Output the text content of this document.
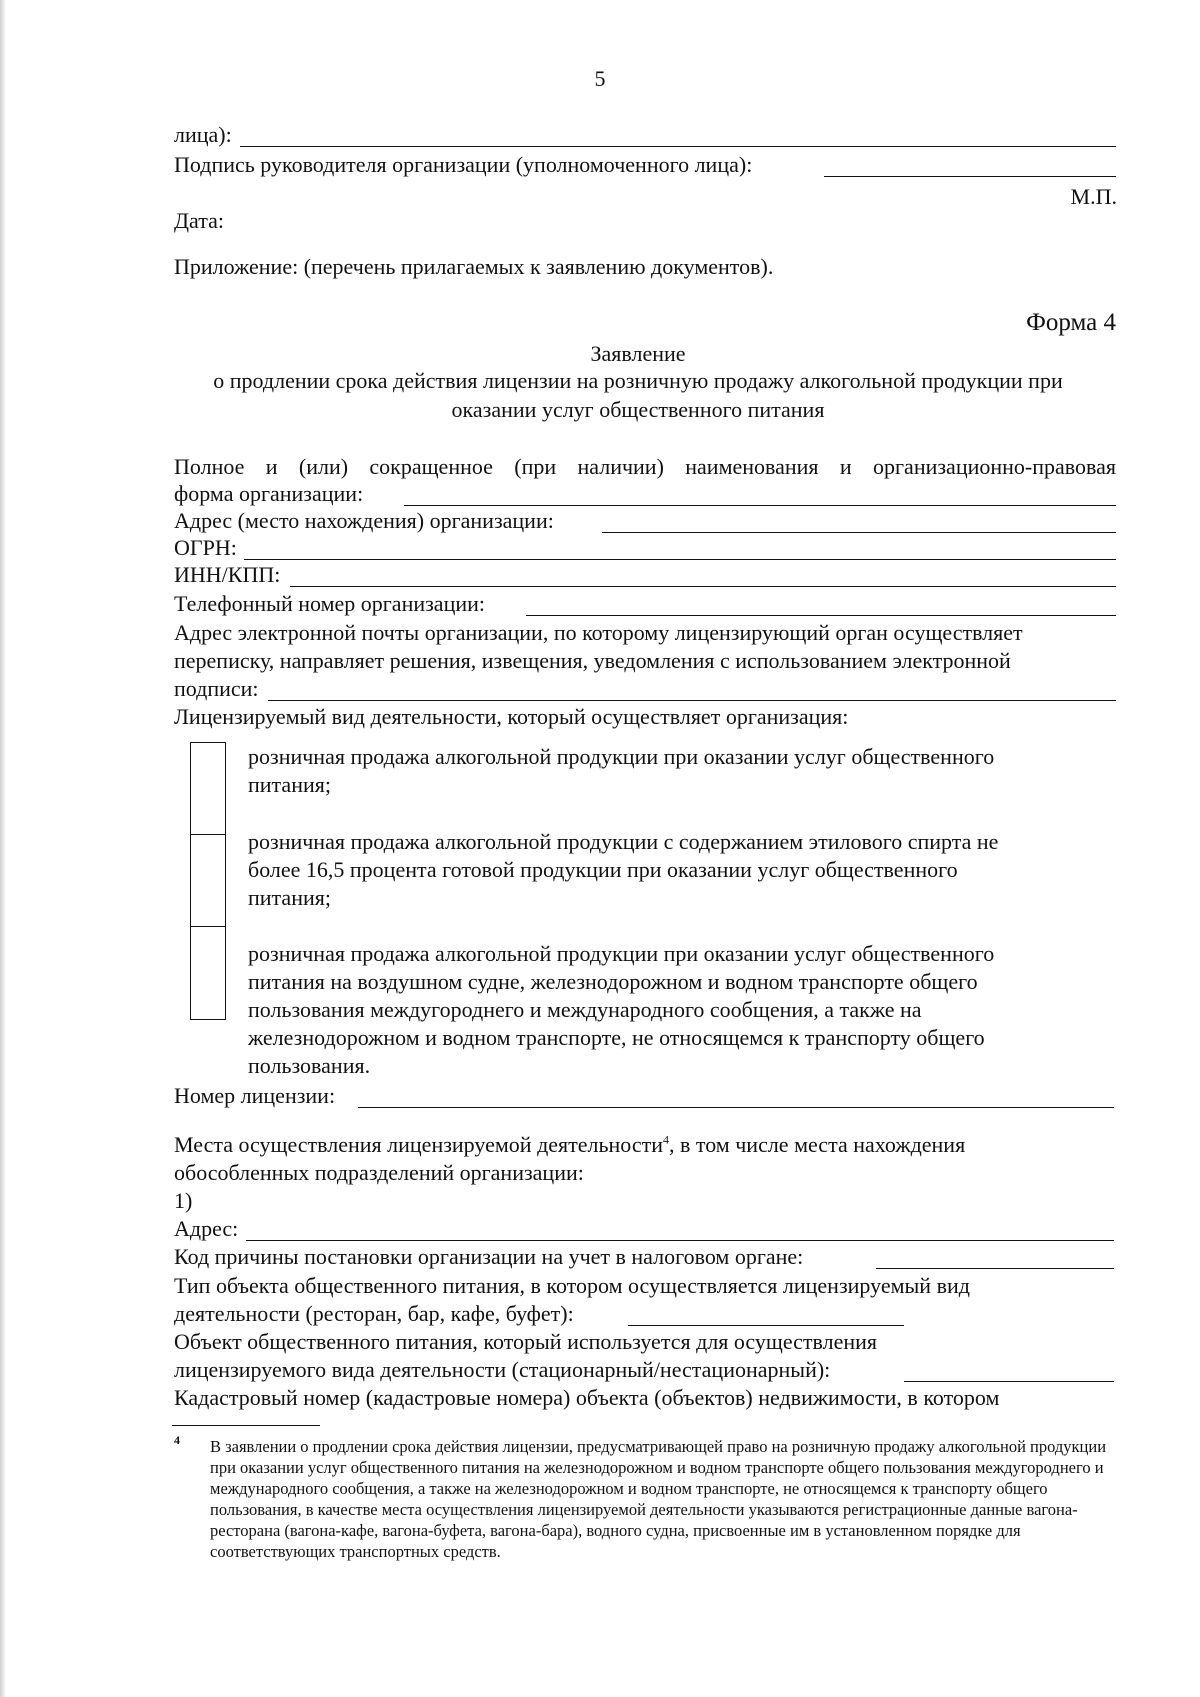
5
лица):
Подпись руководителя организации (уполномоченного лица):
М.П.
Дата:
Приложение: (перечень прилагаемых к заявлению документов).
Форма 4
Заявление
о продлении срока действия лицензии на розничную продажу алкогольной продукции при
оказании услуг общественного питания
Полное и (или) сокращенное (при наличии) наименования и организационно-правовая
форма организации:
Адрес (место нахождения) организации:
ОГРН:
ИНН/КПП:
Телефонный номер организации:
Адрес электронной почты организации, по которому лицензирующий орган осуществляет
переписку, направляет решения, извещения, уведомления с использованием электронной
подписи:
Лицензируемый вид деятельности, который осуществляет организация:
розничная продажа алкогольной продукции при оказании услуг общественного
питания;
розничная продажа алкогольной продукции с содержанием этилового спирта не
более 16,5 процента готовой продукции при оказании услуг общественного
питания;
розничная продажа алкогольной продукции при оказании услуг общественного
питания на воздушном судне, железнодорожном и водном транспорте общего
пользования междугороднего и международного сообщения, а также на
железнодорожном и водном транспорте, не относящемся к транспорту общего
пользования.
Номер лицензии:
Места осуществления лицензируемой деятельности$^4$, в том числе места нахождения
обособленных подразделений организации:
1)
Адрес:
Код причины постановки организации на учет в налоговом органе:
Тип объекта общественного питания, в котором осуществляется лицензируемый вид
деятельности (ресторан, бар, кафе, буфет):
Объект общественного питания, который используется для осуществления
лицензируемого вида деятельности (стационарный/нестационарный):
Кадастровый номер (кадастровые номера) объекта (объектов) недвижимости, в котором
4 В заявлении о продлении срока действия лицензии, предусматривающей право на розничную продажу алкогольной продукции при оказании услуг общественного питания на железнодорожном и водном транспорте общего пользования междугороднего и международного сообщения, а также на железнодорожном и водном транспорте, не относящемся к транспорту общего пользования, в качестве места осуществления лицензируемой деятельности указываются регистрационные данные вагона-ресторана (вагона-кафе, вагона-буфета, вагона-бара), водного судна, присвоенные им в установленном порядке для соответствующих транспортных средств.
